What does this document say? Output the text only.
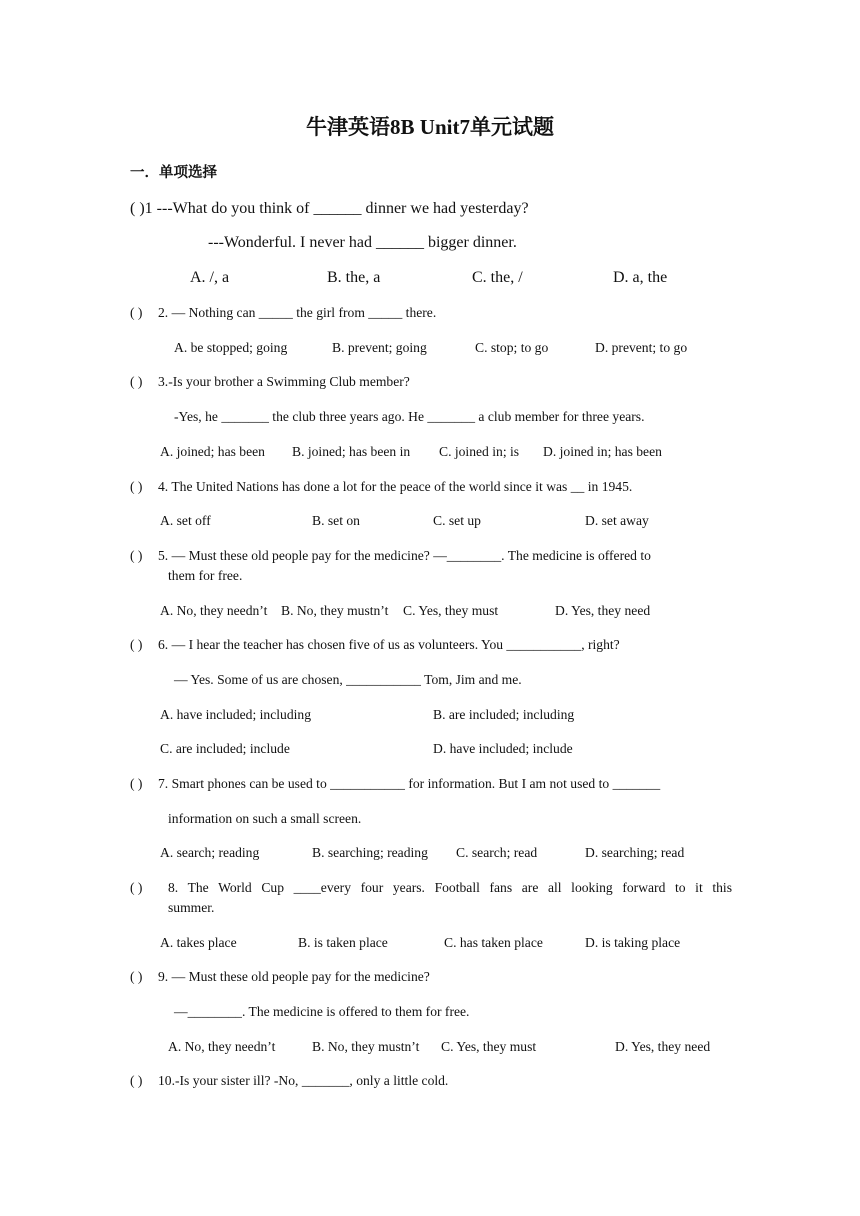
牛津英语8B Unit7单元试题
一．单项选择
( )1 ---What do you think of ______ dinner we had yesterday?
---Wonderful. I never had ______ bigger dinner.
A. /, a	B. the, a	C. the, /	D. a, the
( ) 2. — Nothing can _____ the girl from _____ there.
A. be stopped; going	B. prevent; going	C. stop; to go	D. prevent; to go
( ) 3.-Is your brother a Swimming Club member?
-Yes, he _______ the club three years ago. He _______ a club member for three years.
A. joined; has been B. joined; has been in C. joined in; is D. joined in; has been
( ) 4. The United Nations has done a lot for the peace of the world since it was __ in 1945.
A. set off	B. set on	C. set up	D. set away
( ) 5. — Must these old people pay for the medicine? —________. The medicine is offered to
them for free.
A. No, they needn’t B. No, they mustn’t C. Yes, they must	D. Yes, they need
( ) 6. — I hear the teacher has chosen five of us as volunteers. You ___________, right?
— Yes. Some of us are chosen, ___________ Tom, Jim and me.
A. have included; including	B. are included; including
C. are included; include	D. have included; include
( ) 7. Smart phones can be used to ___________ for information. But I am not used to _______
information on such a small screen.
A. search; reading	B. searching; reading C. search; read	D. searching; read
( ) 8. The World Cup ____every four years. Football fans are all looking forward to it this
summer.
A. takes place	B. is taken place	C. has taken place	D. is taking place
( ) 9. — Must these old people pay for the medicine?
—________. The medicine is offered to them for free.
A. No, they needn’t	B. No, they mustn’t C. Yes, they must	D. Yes, they need
( ) 10.-Is your sister ill? -No, _______, only a little cold.
